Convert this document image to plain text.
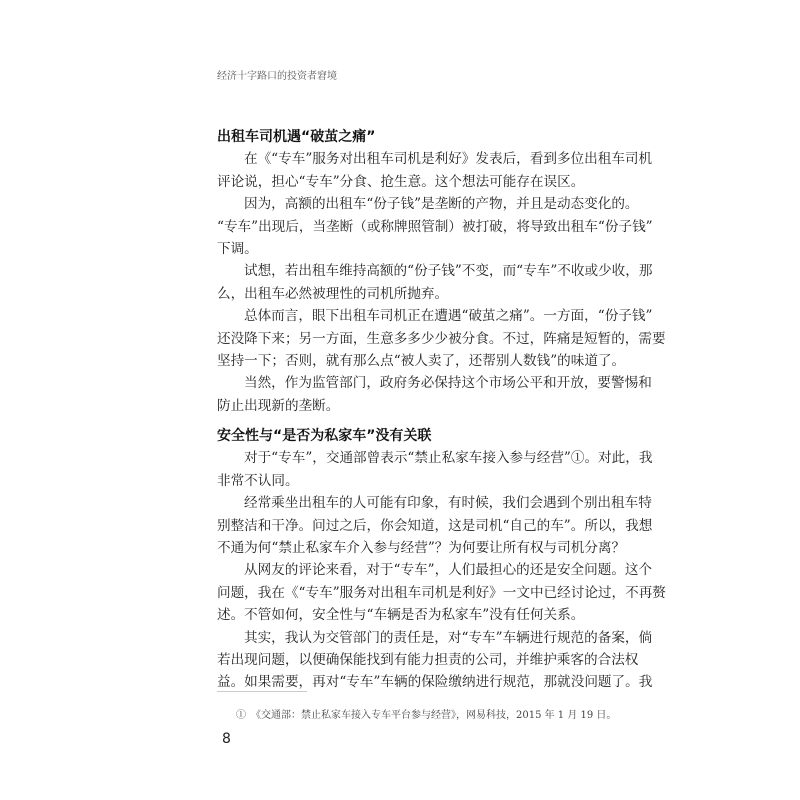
经济十字路口的投资者窘境
出租车司机遇“破茧之痛”
在《“专车”服务对出租车司机是利好》发表后，看到多位出租车司机
评论说，担心“专车”分食、抢生意。这个想法可能存在误区。
因为，高额的出租车“份子钱”是垄断的产物，并且是动态变化的。
“专车”出现后，当垄断（或称牌照管制）被打破，将导致出租车“份子钱”
下调。
试想，若出租车维持高额的“份子钱”不变，而“专车”不收或少收，那
么，出租车必然被理性的司机所抛弃。
总体而言，眼下出租车司机正在遭遇“破茧之痛”。一方面，“份子钱”
还没降下来；另一方面，生意多多少少被分食。不过，阵痛是短暂的，需要
坚持一下；否则，就有那么点“被人卖了，还帮别人数钱”的味道了。
当然，作为监管部门，政府务必保持这个市场公平和开放，要警惕和
防止出现新的垄断。
安全性与“是否为私家车”没有关联
对于“专车”，交通部曾表示“禁止私家车接入参与经营”①。对此，我
非常不认同。
经常乘坐出租车的人可能有印象，有时候，我们会遇到个别出租车特
别整洁和干净。问过之后，你会知道，这是司机“自己的车”。所以，我想
不通为何“禁止私家车介入参与经营”？为何要让所有权与司机分离？
从网友的评论来看，对于“专车”，人们最担心的还是安全问题。这个
问题，我在《“专车”服务对出租车司机是利好》一文中已经讨论过，不再赘
述。不管如何，安全性与“车辆是否为私家车”没有任何关系。
其实，我认为交管部门的责任是，对“专车”车辆进行规范的备案，倘
若出现问题，以便确保能找到有能力担责的公司，并维护乘客的合法权
益。如果需要，再对“专车”车辆的保险缴纳进行规范，那就没问题了。我
①　《交通部：禁止私家车接入专车平台参与经营》，网易科技，2015 年 1 月 19 日。
8
